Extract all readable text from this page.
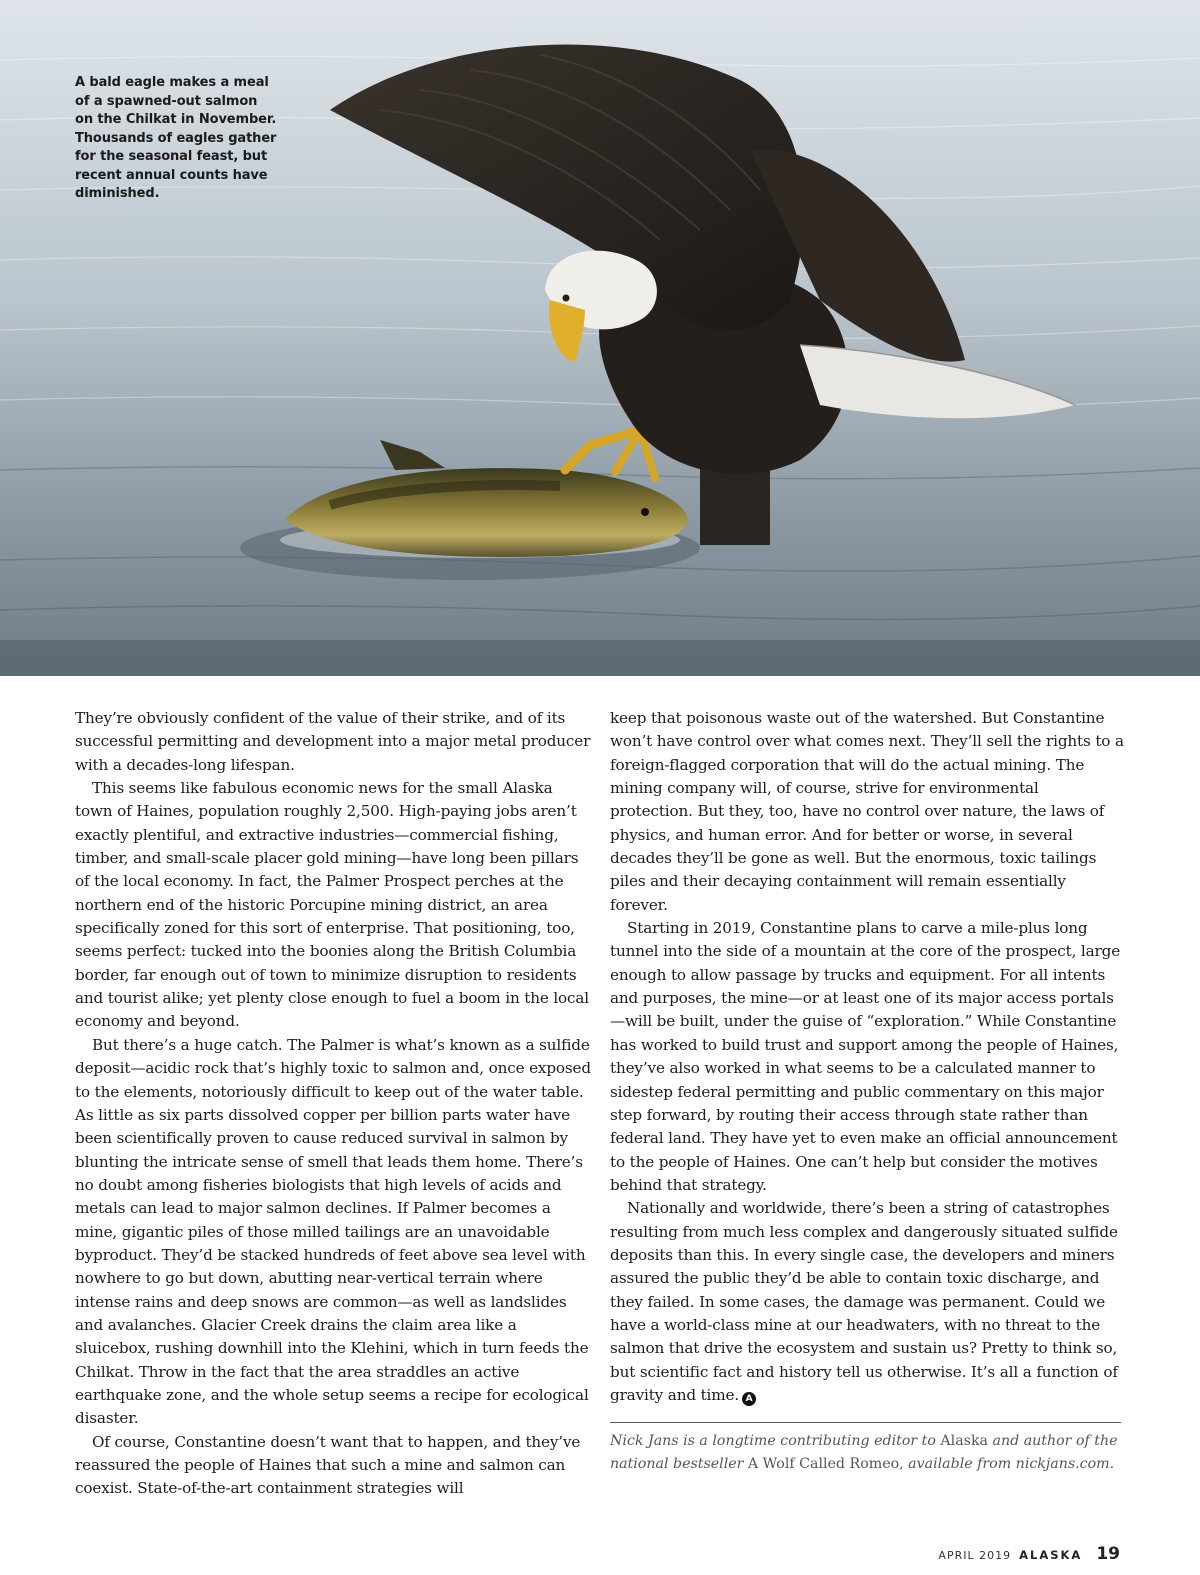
A bald eagle makes a meal
of a spawned-out salmon
on the Chilkat in November.
Thousands of eagles gather
for the seasonal feast, but
recent annual counts have
diminished.

They’re obviously confident of the value of their strike, and of its successful permitting and development into a major metal producer with a decades-long lifespan.

This seems like fabulous economic news for the small Alaska town of Haines, population roughly 2,500. High-paying jobs aren’t exactly plentiful, and extractive industries—commercial fishing, timber, and small-scale placer gold mining—have long been pillars of the local economy. In fact, the Palmer Prospect perches at the northern end of the historic Porcupine mining district, an area specifically zoned for this sort of enterprise. That positioning, too, seems perfect: tucked into the boonies along the British Columbia border, far enough out of town to minimize disruption to residents and tourist alike; yet plenty close enough to fuel a boom in the local economy and beyond.

But there’s a huge catch. The Palmer is what’s known as a sulfide deposit—acidic rock that’s highly toxic to salmon and, once exposed to the elements, notoriously difficult to keep out of the water table. As little as six parts dissolved copper per billion parts water have been scientifically proven to cause reduced survival in salmon by blunting the intricate sense of smell that leads them home. There’s no doubt among fisheries biologists that high levels of acids and metals can lead to major salmon declines. If Palmer becomes a mine, gigantic piles of those milled tailings are an unavoidable byproduct. They’d be stacked hundreds of feet above sea level with nowhere to go but down, abutting near-vertical terrain where intense rains and deep snows are common—as well as landslides and avalanches. Glacier Creek drains the claim area like a sluicebox, rushing downhill into the Klehini, which in turn feeds the Chilkat. Throw in the fact that the area straddles an active earthquake zone, and the whole setup seems a recipe for ecological disaster.

Of course, Constantine doesn’t want that to happen, and they’ve reassured the people of Haines that such a mine and salmon can coexist. State-of-the-art containment strategies will

keep that poisonous waste out of the watershed. But Constantine won’t have control over what comes next. They’ll sell the rights to a foreign-flagged corporation that will do the actual mining. The mining company will, of course, strive for environmental protection. But they, too, have no control over nature, the laws of physics, and human error. And for better or worse, in several decades they’ll be gone as well. But the enormous, toxic tailings piles and their decaying containment will remain essentially forever.

Starting in 2019, Constantine plans to carve a mile-plus long tunnel into the side of a mountain at the core of the prospect, large enough to allow passage by trucks and equipment. For all intents and purposes, the mine—or at least one of its major access portals—will be built, under the guise of “exploration.” While Constantine has worked to build trust and support among the people of Haines, they’ve also worked in what seems to be a calculated manner to sidestep federal permitting and public commentary on this major step forward, by routing their access through state rather than federal land. They have yet to even make an official announcement to the people of Haines. One can’t help but consider the motives behind that strategy.

Nationally and worldwide, there’s been a string of catastrophes resulting from much less complex and dangerously situated sulfide deposits than this. In every single case, the developers and miners assured the public they’d be able to contain toxic discharge, and they failed. In some cases, the damage was permanent. Could we have a world-class mine at our headwaters, with no threat to the salmon that drive the ecosystem and sustain us? Pretty to think so, but scientific fact and history tell us otherwise. It’s all a function of gravity and time. A

Nick Jans is a longtime contributing editor to Alaska and author of the national bestseller A Wolf Called Romeo, available from nickjans.com.
APRIL 2019 ALASKA 19
